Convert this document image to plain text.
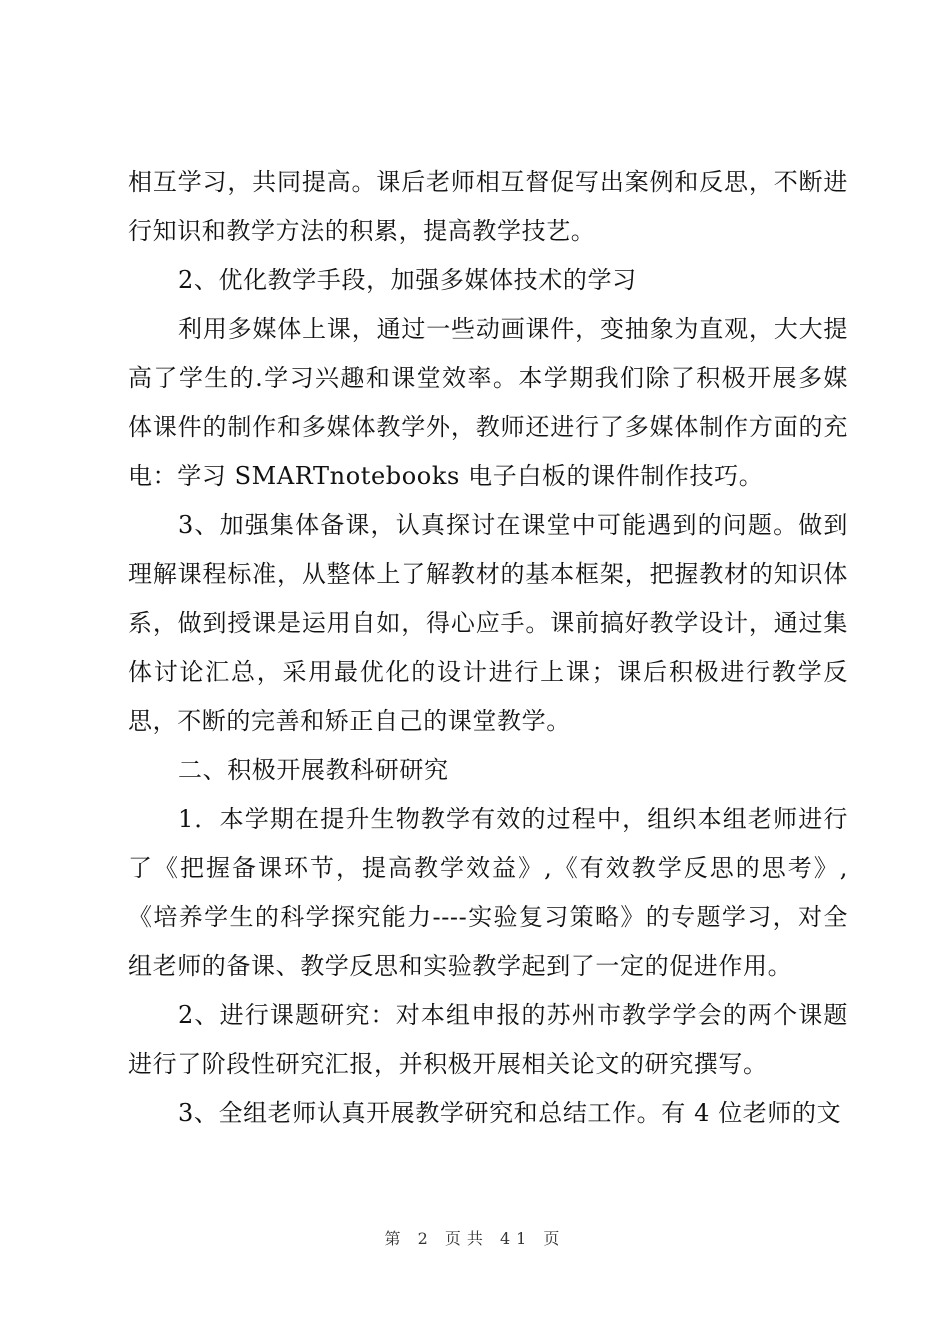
相互学习，共同提高。课后老师相互督促写出案例和反思，不断进行知识和教学方法的积累，提高教学技艺。

2、优化教学手段，加强多媒体技术的学习

利用多媒体上课，通过一些动画课件，变抽象为直观，大大提高了学生的.学习兴趣和课堂效率。本学期我们除了积极开展多媒体课件的制作和多媒体教学外，教师还进行了多媒体制作方面的充电：学习 SMARTnotebooks 电子白板的课件制作技巧。

3、加强集体备课，认真探讨在课堂中可能遇到的问题。做到理解课程标准，从整体上了解教材的基本框架，把握教材的知识体系，做到授课是运用自如，得心应手。课前搞好教学设计，通过集体讨论汇总，采用最优化的设计进行上课；课后积极进行教学反思，不断的完善和矫正自己的课堂教学。

二、积极开展教科研研究

1．本学期在提升生物教学有效的过程中，组织本组老师进行了《把握备课环节，提高教学效益》,《有效教学反思的思考》,《培养学生的科学探究能力----实验复习策略》的专题学习，对全组老师的备课、教学反思和实验教学起到了一定的促进作用。

2、进行课题研究：对本组申报的苏州市教学学会的两个课题进行了阶段性研究汇报，并积极开展相关论文的研究撰写。

3、全组老师认真开展教学研究和总结工作。有 4 位老师的文

第 2 页共 41 页
